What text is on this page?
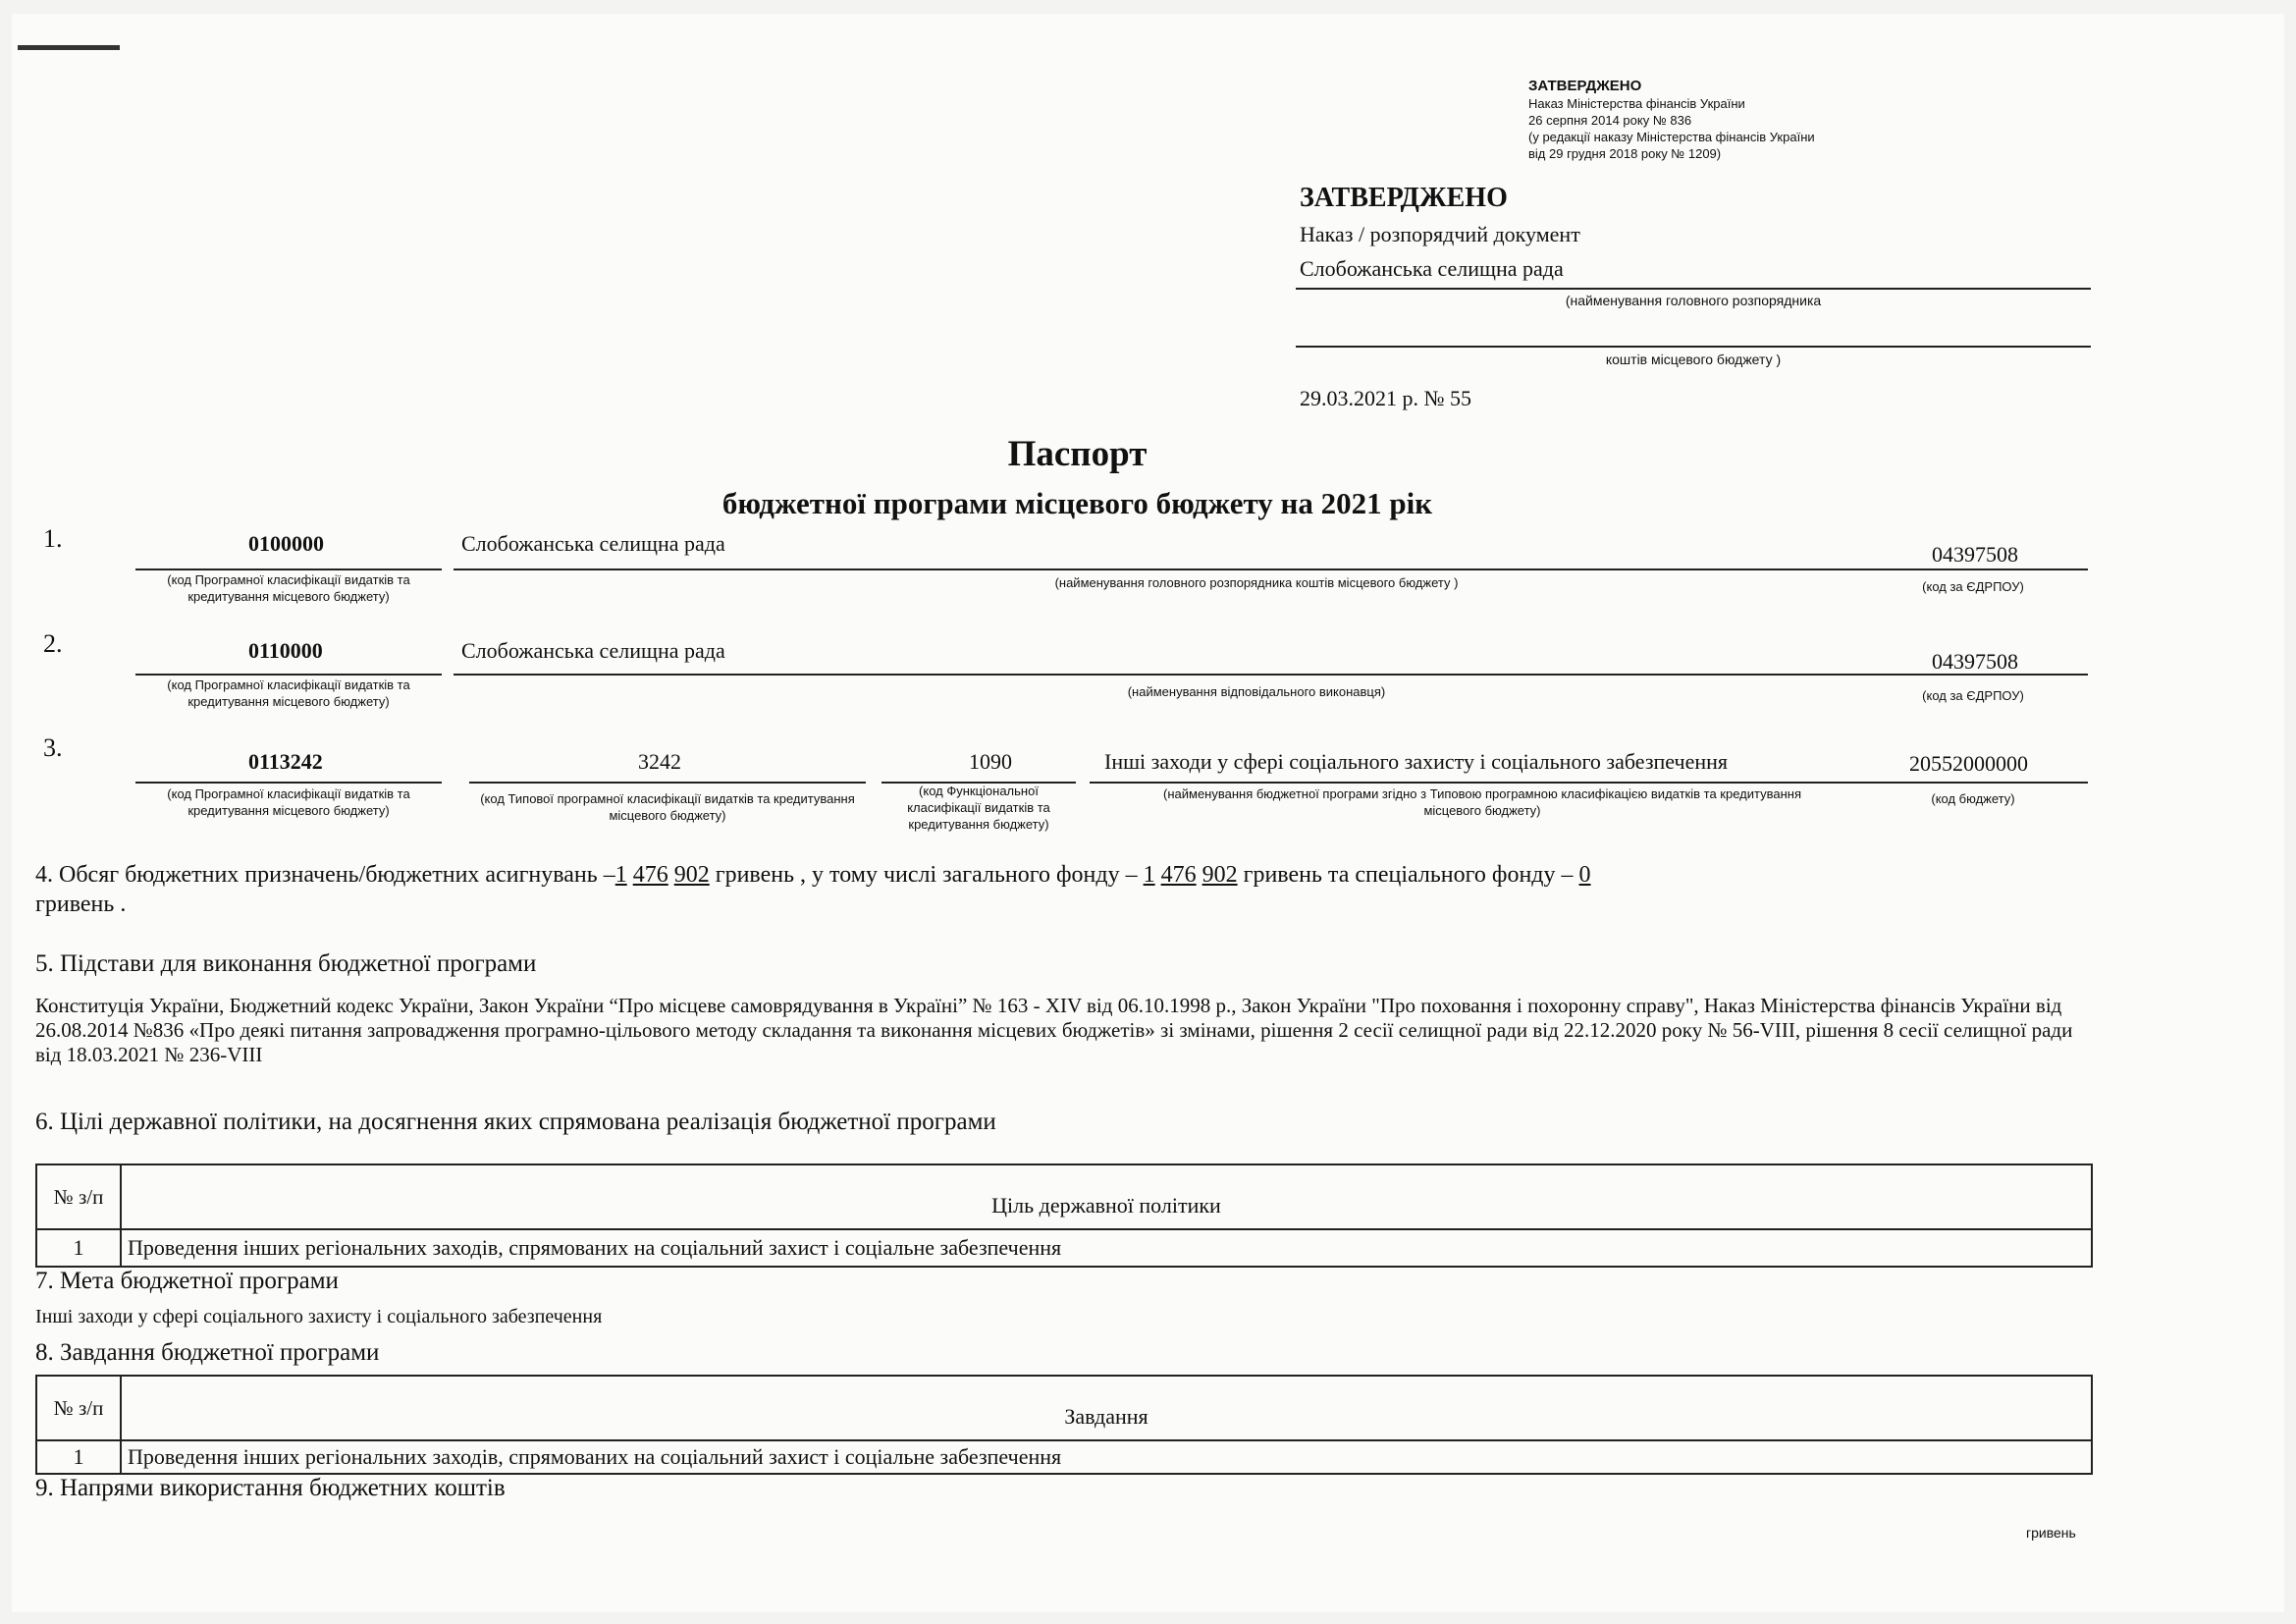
ЗАТВЕРДЖЕНО
Наказ Міністерства фінансів України
26 серпня 2014 року № 836
(у редакції наказу Міністерства фінансів України
від 29 грудня 2018 року № 1209)
ЗАТВЕРДЖЕНО
Наказ / розпорядчий документ
Слобожанська селищна рада
(найменування головного розпорядника
коштів місцевого бюджету )
29.03.2021 р. № 55
Паспорт
бюджетної програми місцевого бюджету на 2021 рік
1.	0100000	Слобожанська селищна рада	04397508
(код Програмної класифікації видатків та кредитування місцевого бюджету)
(найменування головного розпорядника коштів місцевого бюджету )	(код за ЄДРПОУ)
2.	0110000	Слобожанська селищна рада	04397508
(код Програмної класифікації видатків та кредитування місцевого бюджету)
(найменування відповідального виконавця)	(код за ЄДРПОУ)
3.	0113242	3242	1090	Інші заходи у сфері соціального захисту і соціального забезпечення	20552000000
(код Програмної класифікації видатків та кредитування місцевого бюджету)
(код Типової програмної класифікації видатків та кредитування місцевого бюджету)
(код Функціональної класифікації видатків та кредитування бюджету)
(найменування бюджетної програми згідно з Типовою програмною класифікацією видатків та кредитування місцевого бюджету)
(код бюджету)
4. Обсяг бюджетних призначень/бюджетних асигнувань –1 476 902 гривень , у тому числі загального фонду – 1 476 902 гривень та спеціального фонду – 0
гривень .
5. Підстави для виконання бюджетної програми
Конституція України, Бюджетний кодекс України, Закон України “Про місцеве самоврядування в Україні” № 163 - XIV від 06.10.1998 р., Закон України "Про поховання і похоронну справу", Наказ Міністерства фінансів України від 26.08.2014 №836 «Про деякі питання запровадження програмно-цільового методу складання та виконання місцевих бюджетів» зі змінами, рішення 2 сесії селищної ради від 22.12.2020 року № 56-VIII, рішення 8 сесії селищної ради від 18.03.2021 № 236-VIII
6. Цілі державної політики, на досягнення яких спрямована реалізація бюджетної програми
№ з/п	Ціль державної політики
1	Проведення інших регіональних заходів, спрямованих на соціальний захист і соціальне забезпечення
7. Мета бюджетної програми
Інші заходи у сфері соціального захисту і соціального забезпечення
8. Завдання бюджетної програми
№ з/п	Завдання
1	Проведення інших регіональних заходів, спрямованих на соціальний захист і соціальне забезпечення
9. Напрями використання бюджетних коштів
гривень
